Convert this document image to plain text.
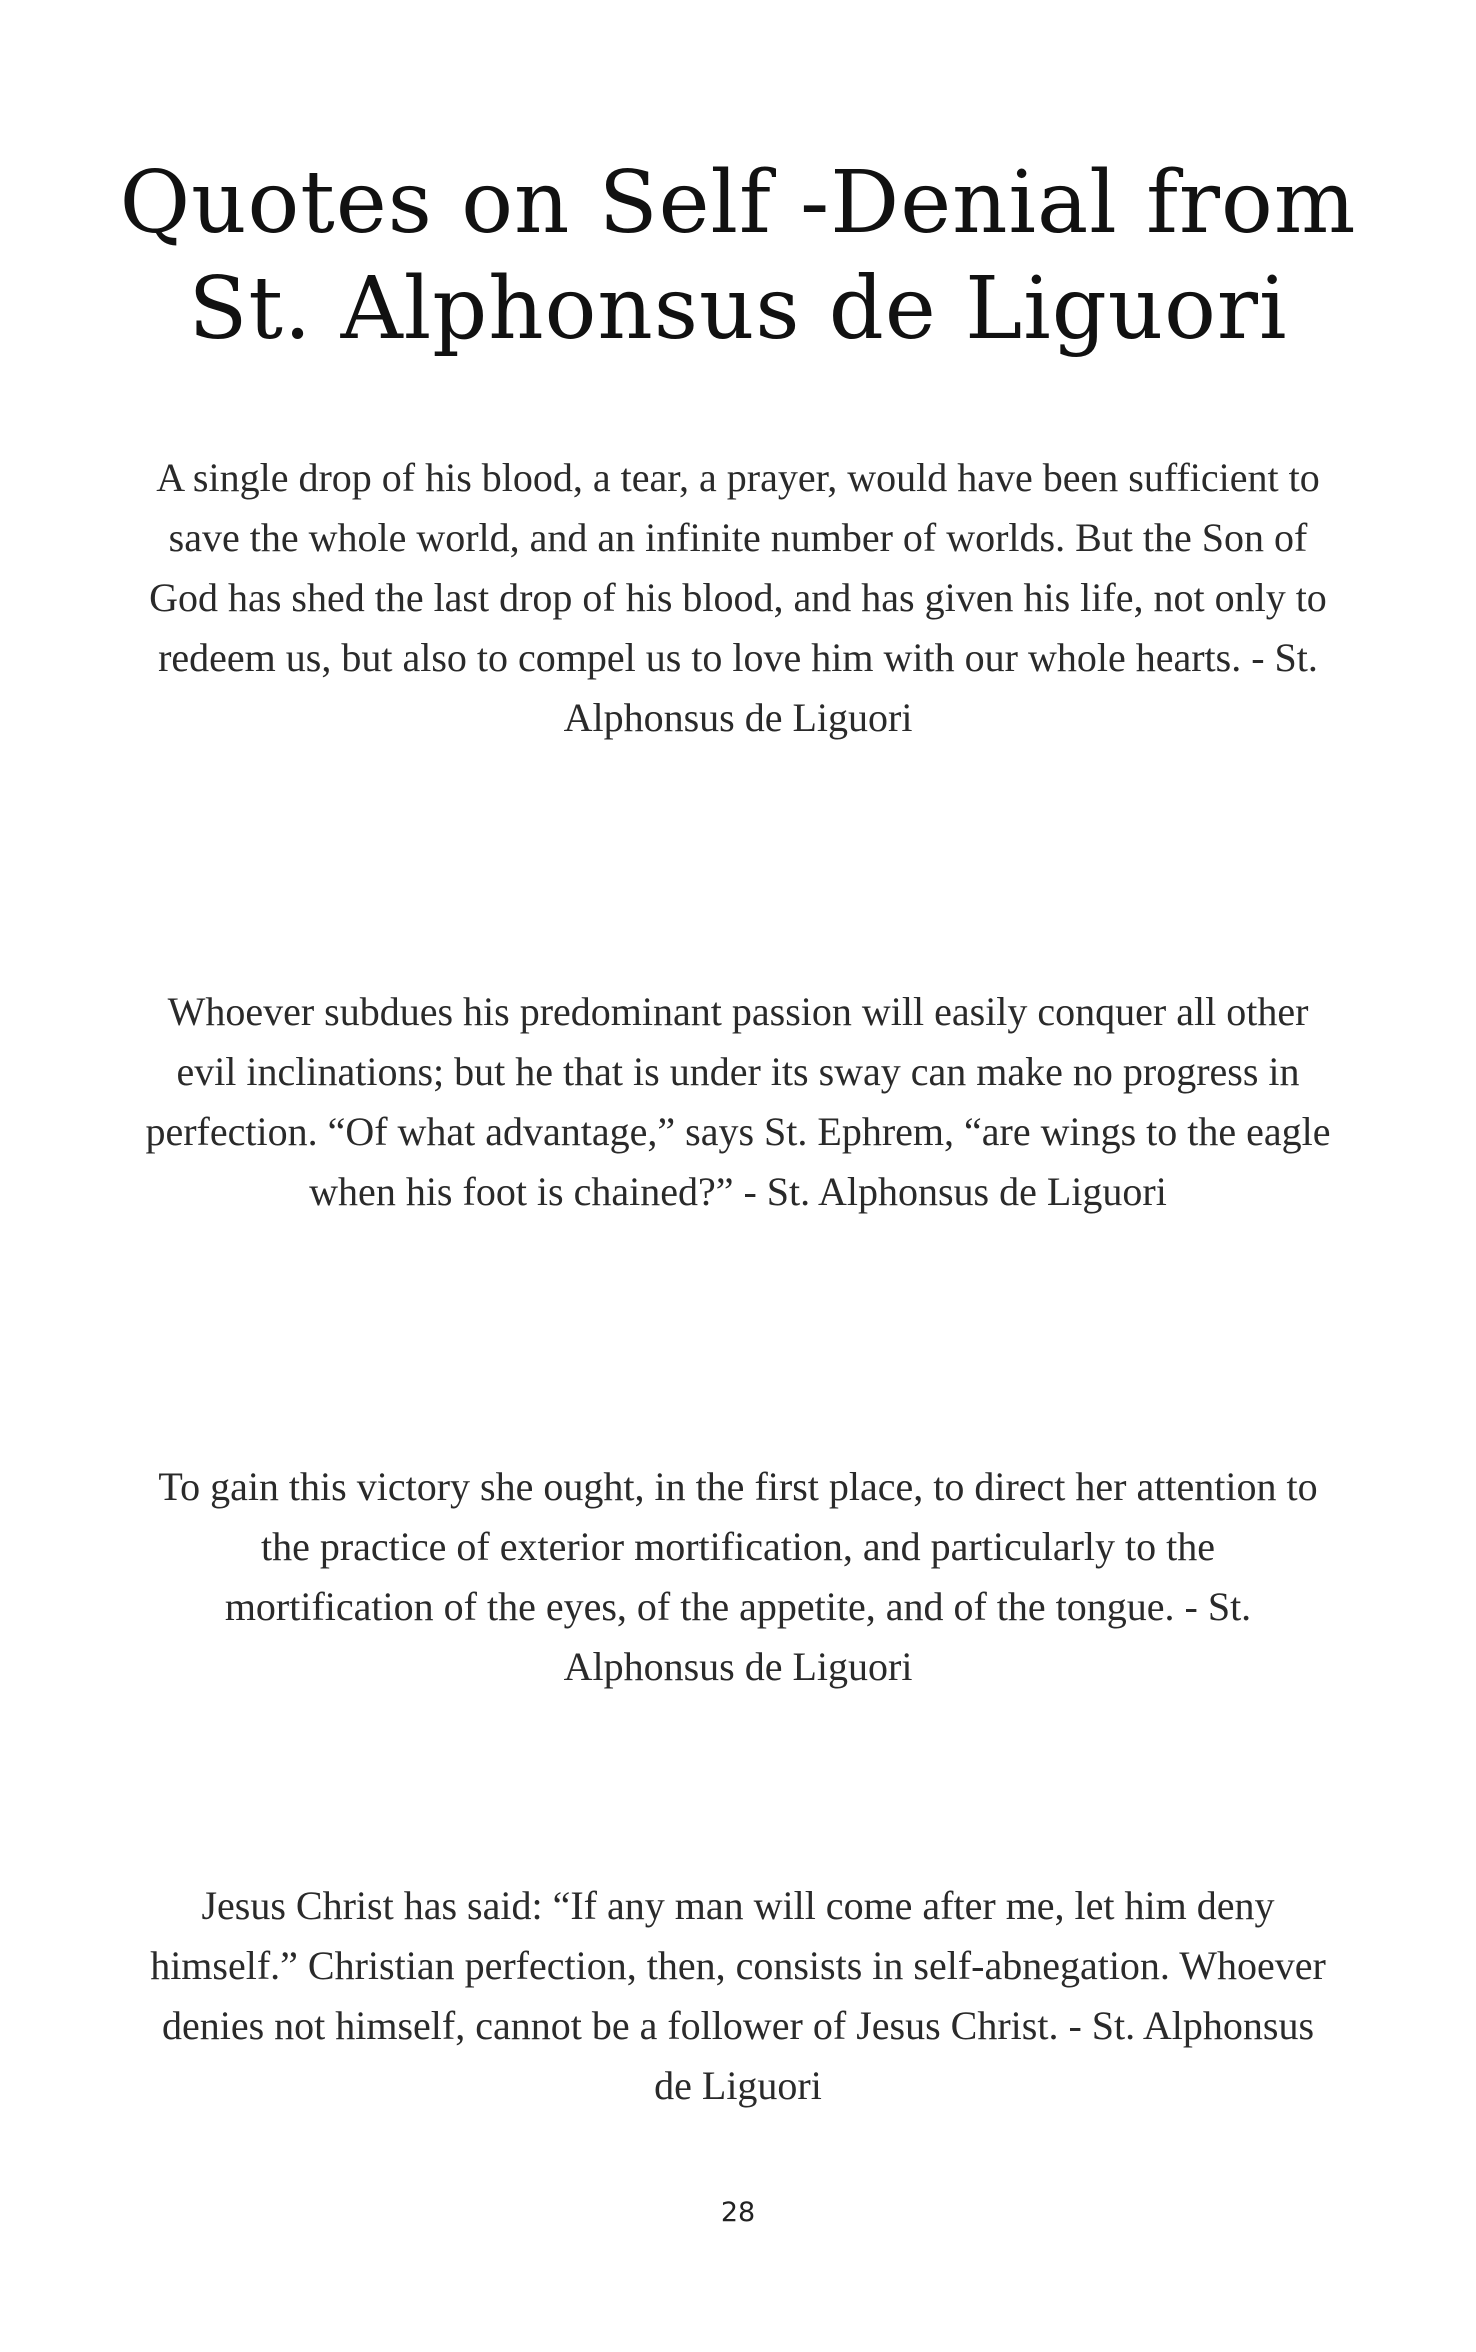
Quotes on Self -Denial from
St. Alphonsus de Liguori

A single drop of his blood, a tear, a prayer, would have been sufficient to
save the whole world, and an infinite number of worlds. But the Son of
God has shed the last drop of his blood, and has given his life, not only to
redeem us, but also to compel us to love him with our whole hearts. - St.
Alphonsus de Liguori

Whoever subdues his predominant passion will easily conquer all other
evil inclinations; but he that is under its sway can make no progress in
perfection. “Of what advantage,” says St. Ephrem, “are wings to the eagle
when his foot is chained?” - St. Alphonsus de Liguori

To gain this victory she ought, in the first place, to direct her attention to
the practice of exterior mortification, and particularly to the
mortification of the eyes, of the appetite, and of the tongue. - St.
Alphonsus de Liguori

Jesus Christ has said: “If any man will come after me, let him deny
himself.” Christian perfection, then, consists in self-abnegation. Whoever
denies not himself, cannot be a follower of Jesus Christ. - St. Alphonsus
de Liguori

28
